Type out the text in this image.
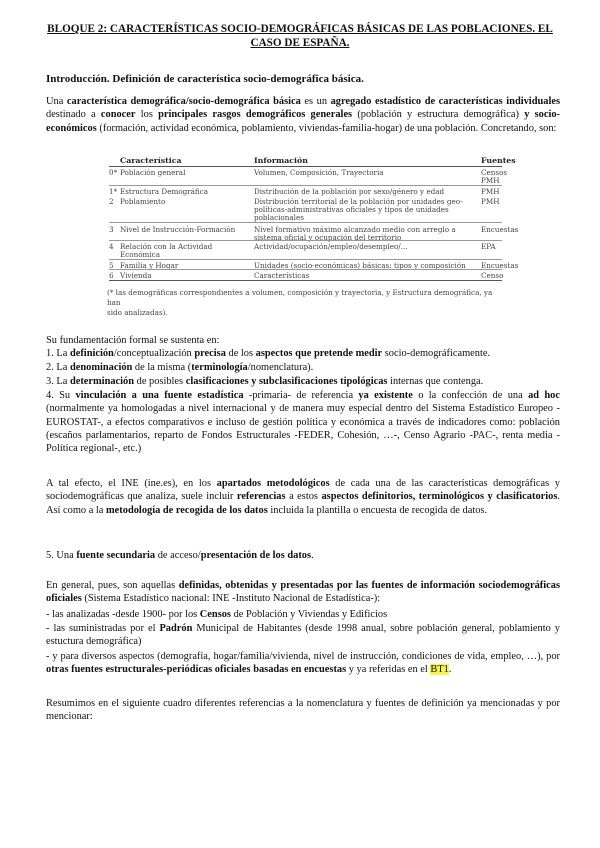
BLOQUE 2: CARACTERÍSTICAS SOCIO-DEMOGRÁFICAS BÁSICAS DE LAS POBLACIONES. EL
CASO DE ESPAÑA.
Introducción. Definición de característica socio-demográfica básica.
Una característica demográfica/socio-demográfica básica es un agregado estadístico de características individuales destinado a conocer los principales rasgos demográficos generales (población y estructura demográfica) y socio-económicos (formación, actividad económica, poblamiento, viviendas-familia-hogar) de una población. Concretando, son:
Característica	Información	Fuentes
0* Población general	Volumen, Composición, Trayectoria	Censos
PMH
1* Estructura Demográfica	Distribución de la población por sexo/género y edad	PMH
2 Poblamiento	Distribución territorial de la población por unidades geo-	PMH
políticas-administrativas oficiales y tipos de unidades
poblacionales
3 Nivel de Instrucción-Formación	Nivel formativo máximo alcanzado medio con arreglo a	Encuestas
sistema oficial y ocupación del territorio
4 Relación con la Actividad	Actividad/ocupación/empleo/desempleo/...	EPA
Económica
5 Familia y Hogar	Unidades (socio-económicas) básicas: tipos y composición	Encuestas
6 Vivienda	Características	Censo
(* las demográficas correspondientes a volumen, composición y trayectoria, y Estructura demográfica, ya han
sido analizadas).
Su fundamentación formal se sustenta en:
1. La definición/conceptualización precisa de los aspectos que pretende medir socio-demográficamente.
2. La denominación de la misma (terminología/nomenclatura).
3. La determinación de posibles clasificaciones y subclasificaciones tipológicas internas que contenga.
4. Su vinculación a una fuente estadística -primaria- de referencia ya existente o la confección de una ad hoc (normalmente ya homologadas a nivel internacional y de manera muy especial dentro del Sistema Estadístico Europeo -EUROSTAT-, a efectos comparativos e incluso de gestión política y económica a través de indicadores como: población (escaños parlamentarios, reparto de Fondos Estructurales -FEDER, Cohesión, …-, Censo Agrario -PAC-, renta media -Política regional-, etc.)
A tal efecto, el INE (ine.es), en los apartados metodológicos de cada una de las características demográficas y sociodemográficas que analiza, suele incluir referencias a estos aspectos definitorios, terminológicos y clasificatorios. Así como a la metodología de recogida de los datos incluida la plantilla o encuesta de recogida de datos.
5. Una fuente secundaria de acceso/presentación de los datos.
En general, pues, son aquellas definidas, obtenidas y presentadas por las fuentes de información sociodemográficas oficiales (Sistema Estadístico nacional: INE -Instituto Nacional de Estadística-):
- las analizadas -desde 1900- por los Censos de Población y Viviendas y Edificios
- las suministradas por el Padrón Municipal de Habitantes (desde 1998 anual, sobre población general, poblamiento y estuctura demográfica)
- y para diversos aspectos (demografía, hogar/familia/vivienda, nivel de instrucción, condiciones de vida, empleo, …), por otras fuentes estructurales-periódicas oficiales basadas en encuestas y ya referidas en el BT1.
Resumimos en el siguiente cuadro diferentes referencias a la nomenclatura y fuentes de definición ya mencionadas y por mencionar:
